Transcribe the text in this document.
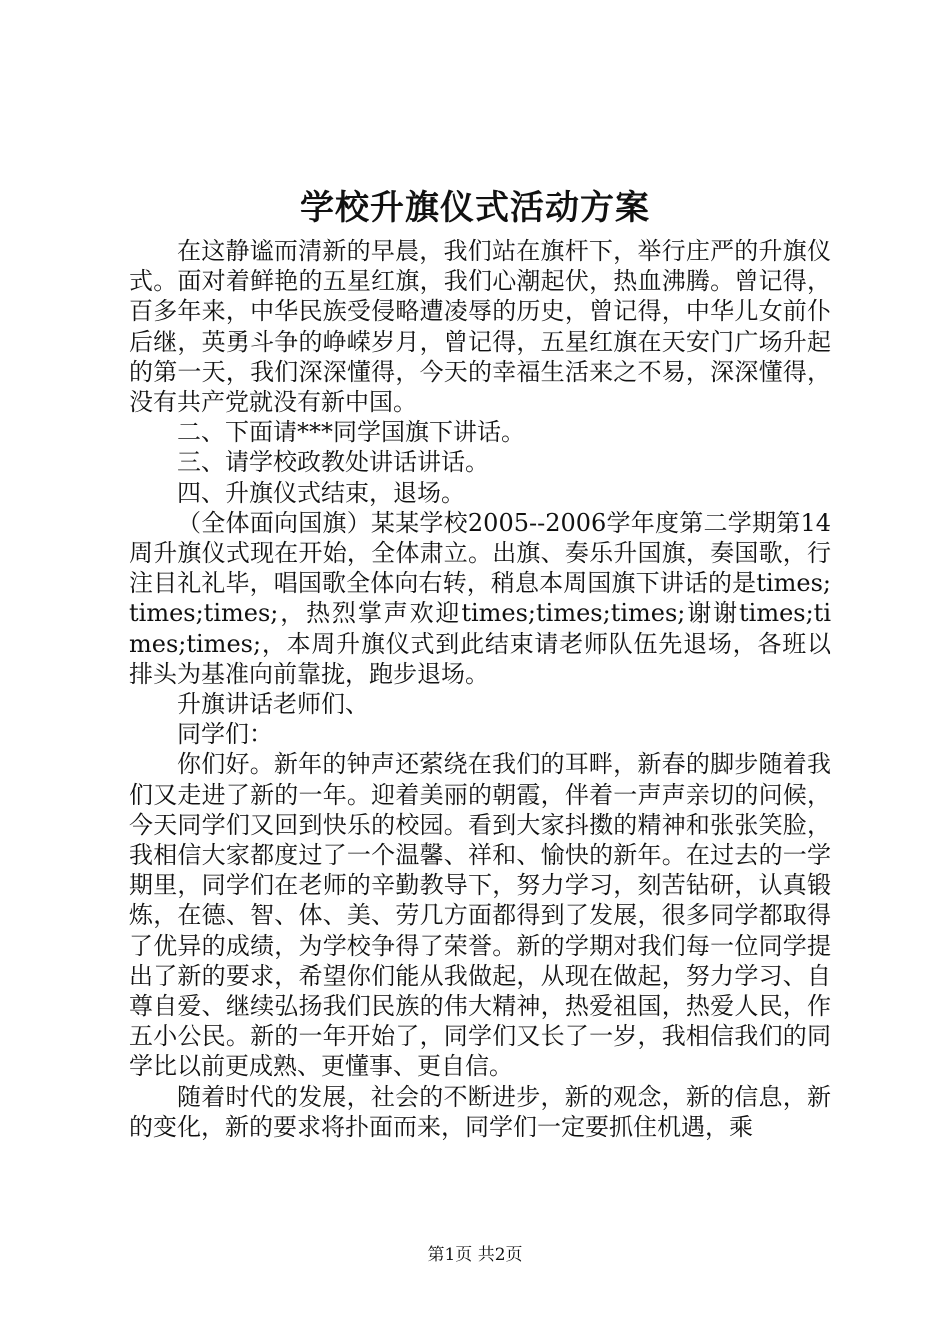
学校升旗仪式活动方案

在这静谧而清新的早晨，我们站在旗杆下，举行庄严的升旗仪式。面对着鲜艳的五星红旗，我们心潮起伏，热血沸腾。曾记得，百多年来，中华民族受侵略遭凌辱的历史，曾记得，中华儿女前仆后继，英勇斗争的峥嵘岁月，曾记得，五星红旗在天安门广场升起的第一天，我们深深懂得，今天的幸福生活来之不易，深深懂得，没有共产党就没有新中国。

二、下面请***同学国旗下讲话。

三、请学校政教处讲话讲话。

四、升旗仪式结束，退场。

（全体面向国旗）某某学校2005--2006学年度第二学期第14周升旗仪式现在开始，全体肃立。出旗、奏乐升国旗，奏国歌，行注目礼礼毕，唱国歌全体向右转，稍息本周国旗下讲话的是times;times;times;，热烈掌声欢迎times;times;times;谢谢times;times;times;，本周升旗仪式到此结束请老师队伍先退场，各班以排头为基准向前靠拢，跑步退场。

升旗讲话老师们、

同学们：

你们好。新年的钟声还萦绕在我们的耳畔，新春的脚步随着我们又走进了新的一年。迎着美丽的朝霞，伴着一声声亲切的问候，今天同学们又回到快乐的校园。看到大家抖擞的精神和张张笑脸，我相信大家都度过了一个温馨、祥和、愉快的新年。在过去的一学期里，同学们在老师的辛勤教导下，努力学习，刻苦钻研，认真锻炼，在德、智、体、美、劳几方面都得到了发展，很多同学都取得了优异的成绩，为学校争得了荣誉。新的学期对我们每一位同学提出了新的要求，希望你们能从我做起，从现在做起，努力学习、自尊自爱、继续弘扬我们民族的伟大精神，热爱祖国，热爱人民，作五小公民。新的一年开始了，同学们又长了一岁，我相信我们的同学比以前更成熟、更懂事、更自信。

随着时代的发展，社会的不断进步，新的观念，新的信息，新的变化，新的要求将扑面而来，同学们一定要抓住机遇，乘

第1页 共2页
